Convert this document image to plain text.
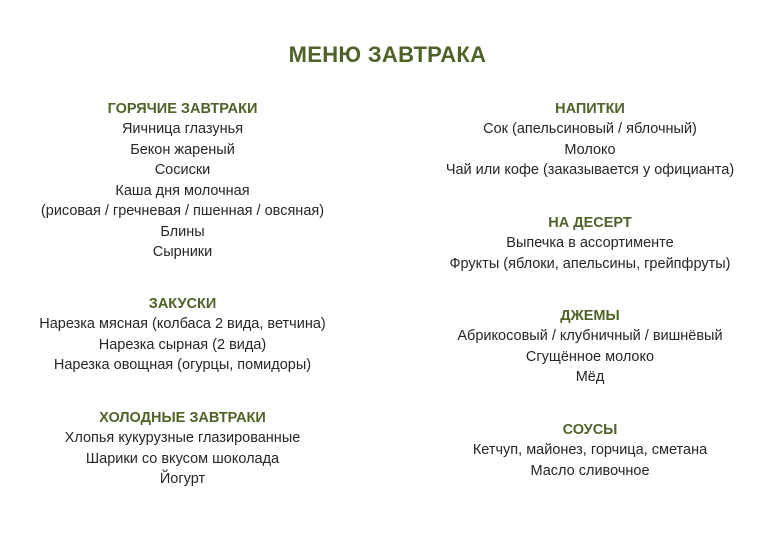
МЕНЮ ЗАВТРАКА
ГОРЯЧИЕ ЗАВТРАКИ
Яичница глазунья
Бекон жареный
Сосиски
Каша дня молочная
(рисовая / гречневая / пшенная / овсяная)
Блины
Сырники
ЗАКУСКИ
Нарезка мясная (колбаса 2 вида, ветчина)
Нарезка сырная (2 вида)
Нарезка овощная (огурцы, помидоры)
ХОЛОДНЫЕ ЗАВТРАКИ
Хлопья кукурузные глазированные
Шарики со вкусом шоколада
Йогурт
НАПИТКИ
Сок (апельсиновый / яблочный)
Молоко
Чай или кофе (заказывается у официанта)
НА ДЕСЕРТ
Выпечка в ассортименте
Фрукты (яблоки, апельсины, грейпфруты)
ДЖЕМЫ
Абрикосовый / клубничный / вишнёвый
Сгущённое молоко
Мёд
СОУСЫ
Кетчуп, майонез, горчица, сметана
Масло сливочное
